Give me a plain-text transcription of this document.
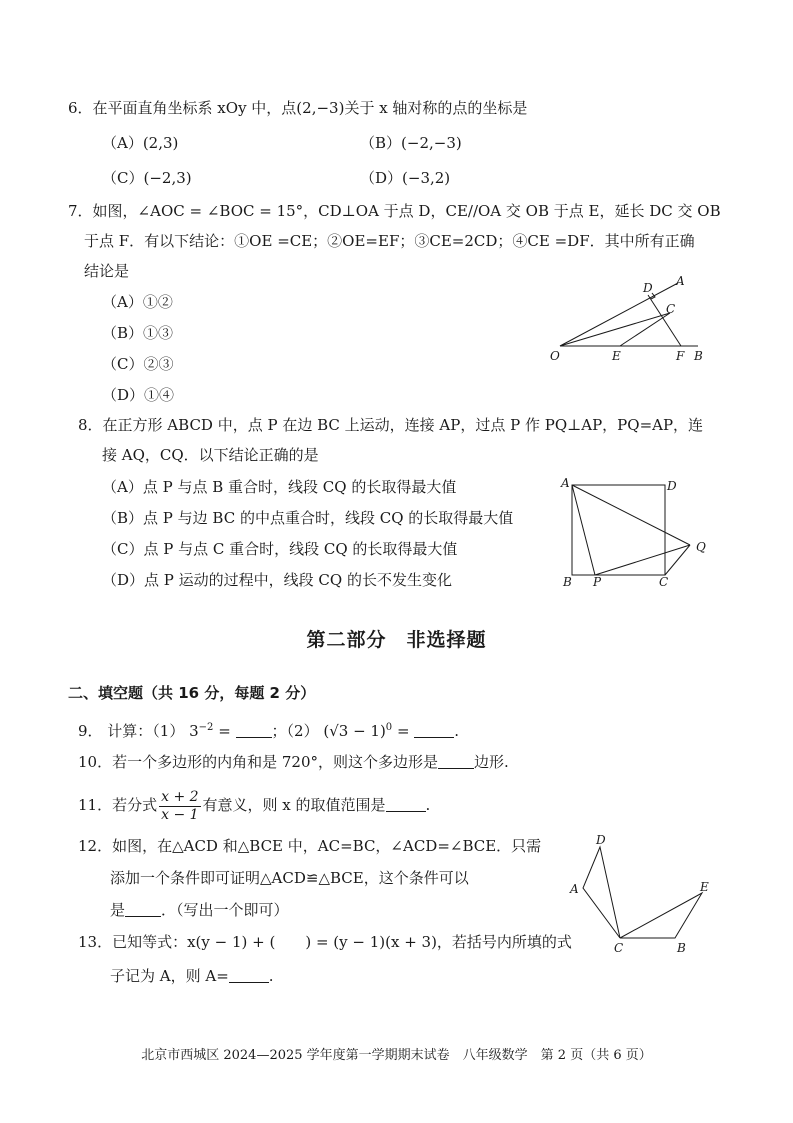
6．在平面直角坐标系 xOy 中，点(2,−3)关于 x 轴对称的点的坐标是
（A）(2,3)	（B）(−2,−3)
（C）(−2,3)	（D）(−3,2)
7．如图，∠AOC = ∠BOC = 15°，CD⊥OA 于点 D，CE//OA 交 OB 于点 E，延长 DC 交 OB
于点 F．有以下结论：①OE =CE；②OE=EF；③CE=2CD；④CE =DF．其中所有正确
结论是
（A）①②
（B）①③
（C）②③
（D）①④
O	E	F B
C
D A
8．在正方形 ABCD 中，点 P 在边 BC 上运动，连接 AP，过点 P 作 PQ⊥AP，PQ=AP，连
接 AQ，CQ．以下结论正确的是
（A）点 P 与点 B 重合时，线段 CQ 的长取得最大值
（B）点 P 与边 BC 的中点重合时，线段 CQ 的长取得最大值
（C）点 P 与点 C 重合时，线段 CQ 的长取得最大值
（D）点 P 运动的过程中，线段 CQ 的长不发生变化
A	D
Q
B P	C
第二部分　非选择题
二、填空题（共 16 分，每题 2 分）
9． 计算：（1） $3^{-2}$ = ；（2） $(√3 - 1)^0$ =	.
10．若一个多边形的内角和是 720°，则这个多边形是 边形.
11．若分式 $\frac{x + 2}{x - 1}$ 有意义，则 x 的取值范围是	.
12．如图，在△ACD 和△BCE 中，AC=BC，∠ACD=∠BCE．只需
添加一个条件即可证明△ACD≌△BCE，这个条件可以
是 ．（写出一个即可）
D
A	E
C	B
13．已知等式：x(y − 1) + (　　) = (y − 1)(x + 3)，若括号内所填的式
子记为 A，则 A=	.
北京市西城区 2024—2025 学年度第一学期期末试卷　八年级数学　第 2 页（共 6 页）
